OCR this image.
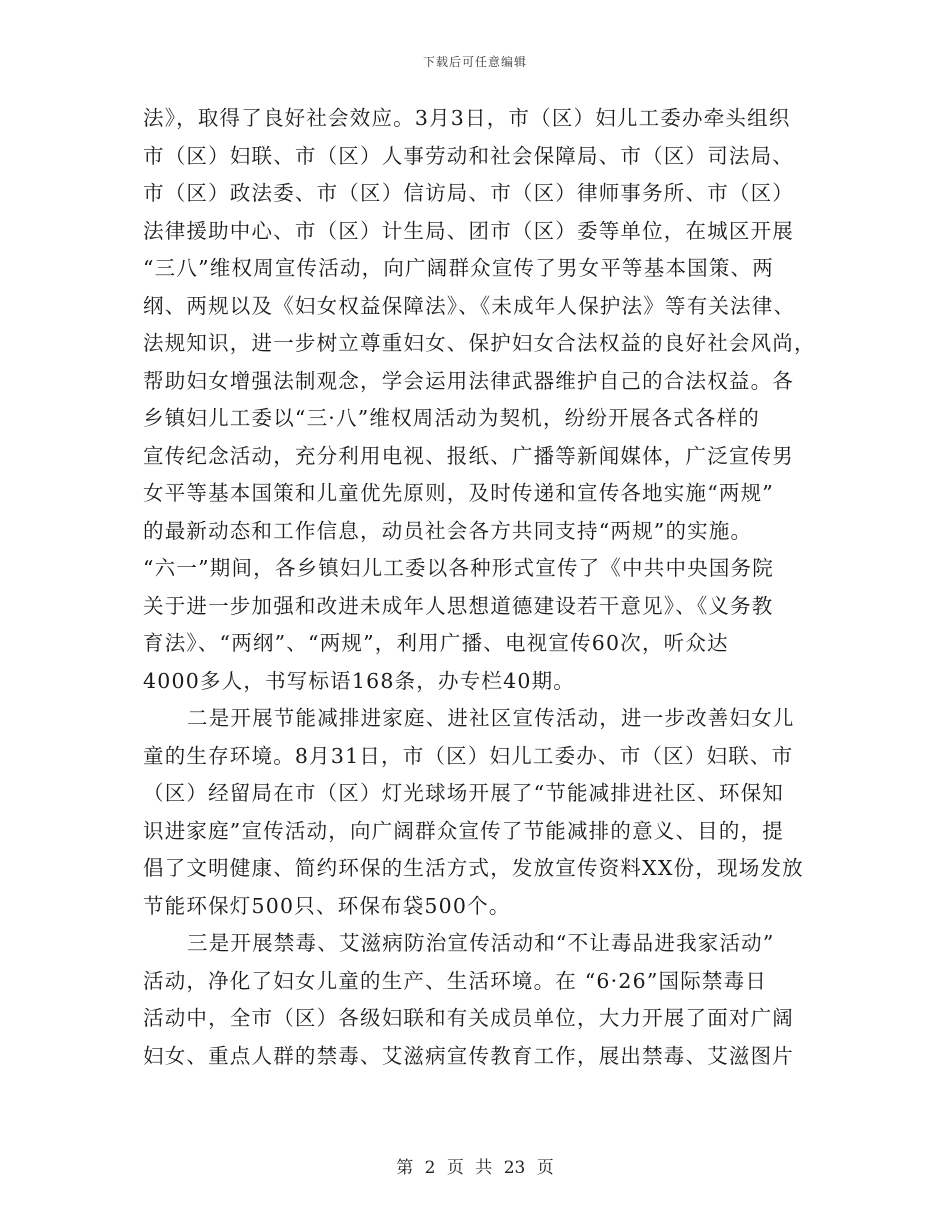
下载后可任意编辑
法》，取得了良好社会效应。3月3日，市（区）妇儿工委办牵头组织
市（区）妇联、市（区）人事劳动和社会保障局、市（区）司法局、
市（区）政法委、市（区）信访局、市（区）律师事务所、市（区）
法律援助中心、市（区）计生局、团市（区）委等单位，在城区开展
“三八”维权周宣传活动，向广阔群众宣传了男女平等基本国策、两
纲、两规以及《妇女权益保障法》、《未成年人保护法》等有关法律、
法规知识，进一步树立尊重妇女、保护妇女合法权益的良好社会风尚，
帮助妇女增强法制观念，学会运用法律武器维护自己的合法权益。各
乡镇妇儿工委以“三·八”维权周活动为契机，纷纷开展各式各样的
宣传纪念活动，充分利用电视、报纸、广播等新闻媒体，广泛宣传男
女平等基本国策和儿童优先原则，及时传递和宣传各地实施“两规”
的最新动态和工作信息，动员社会各方共同支持“两规”的实施。
“六一”期间，各乡镇妇儿工委以各种形式宣传了《中共中央国务院
关于进一步加强和改进未成年人思想道德建设若干意见》、《义务教
育法》、“两纲”、“两规”，利用广播、电视宣传60次，听众达
4000多人，书写标语168条，办专栏40期。
二是开展节能减排进家庭、进社区宣传活动，进一步改善妇女儿
童的生存环境。8月31日，市（区）妇儿工委办、市（区）妇联、市
（区）经留局在市（区）灯光球场开展了“节能减排进社区、环保知
识进家庭”宣传活动，向广阔群众宣传了节能减排的意义、目的，提
倡了文明健康、简约环保的生活方式，发放宣传资料XX份，现场发放
节能环保灯500只、环保布袋500个。
三是开展禁毒、艾滋病防治宣传活动和“不让毒品进我家活动”
活动，净化了妇女儿童的生产、生活环境。在 “6·26”国际禁毒日
活动中，全市（区）各级妇联和有关成员单位，大力开展了面对广阔
妇女、重点人群的禁毒、艾滋病宣传教育工作，展出禁毒、艾滋图片
第 2 页 共 23 页
